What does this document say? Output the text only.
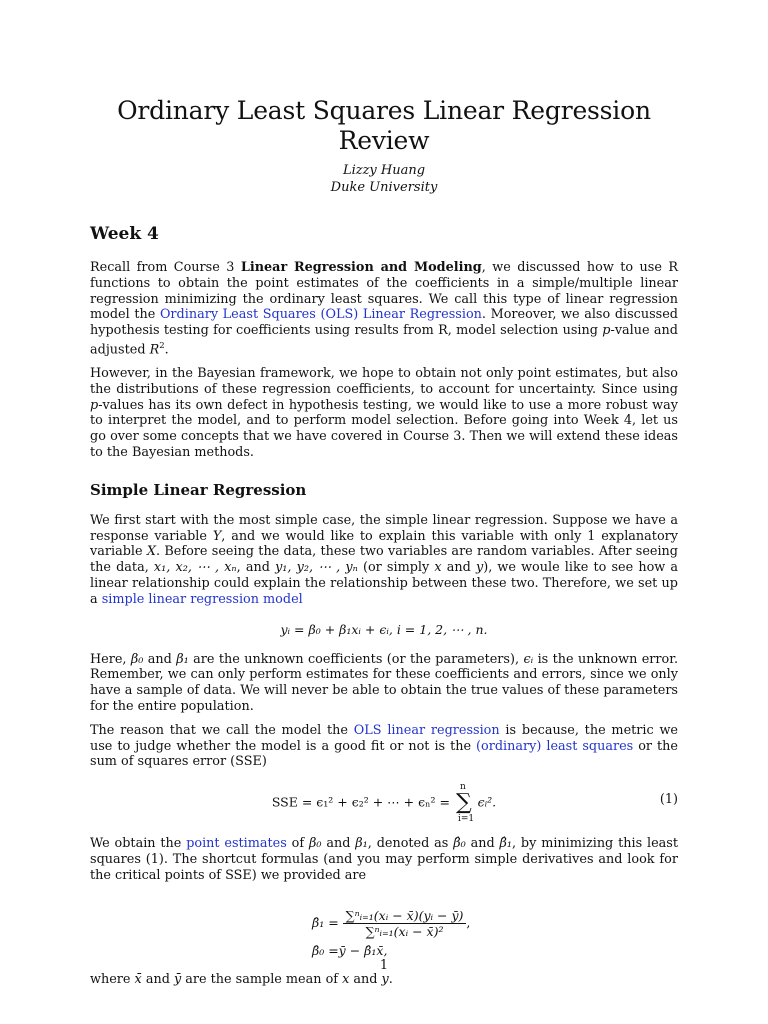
Ordinary Least Squares Linear Regression Review

Lizzy Huang

Duke University

Week 4

Recall from Course 3 Linear Regression and Modeling, we discussed how to use R functions to obtain the point estimates of the coefficients in a simple/multiple linear regression minimizing the ordinary least squares. We call this type of linear regression model the Ordinary Least Squares (OLS) Linear Regression. Moreover, we also discussed hypothesis testing for coefficients using results from R, model selection using p-value and adjusted $R^2$.

However, in the Bayesian framework, we hope to obtain not only point estimates, but also the distributions of these regression coefficients, to account for uncertainty. Since using p-values has its own defect in hypothesis testing, we would like to use a more robust way to interpret the model, and to perform model selection. Before going into Week 4, let us go over some concepts that we have covered in Course 3. Then we will extend these ideas to the Bayesian methods.

Simple Linear Regression

We first start with the most simple case, the simple linear regression. Suppose we have a response variable Y, and we would like to explain this variable with only 1 explanatory variable X. Before seeing the data, these two variables are random variables. After seeing the data, x₁, x₂, ⋯ , xₙ, and y₁, y₂, ⋯ , yₙ (or simply x and y), we woule like to see how a linear relationship could explain the relationship between these two. Therefore, we set up a simple linear regression model

yᵢ = β₀ + β₁xᵢ + ϵᵢ, i = 1, 2, ⋯ , n.

Here, β₀ and β₁ are the unknown coefficients (or the parameters), ϵᵢ is the unknown error. Remember, we can only perform estimates for these coefficients and errors, since we only have a sample of data. We will never be able to obtain the true values of these parameters for the entire population.

The reason that we call the model the OLS linear regression is because, the metric we use to judge whether the model is a good fit or not is the (ordinary) least squares or the sum of squares error (SSE)

SSE = ϵ₁² + ϵ₂² + ⋯ + ϵₙ² = ∑
n
i=1
ϵᵢ².	(1)

We obtain the point estimates of β₀ and β₁, denoted as β̂₀ and β̂₁, by minimizing this least squares (1). The shortcut formulas (and you may perform simple derivatives and look for the critical points of SSE) we provided are

β̂₁ = $\frac{\text{∑ⁿᵢ₌₁(xᵢ − x̄)(yᵢ − ȳ)}}{\text{∑ⁿᵢ₌₁(xᵢ − x̄)²}}$ ,
β̂₀ =ȳ − β̂₁x̄,

where x̄ and ȳ are the sample mean of x and y.

1
